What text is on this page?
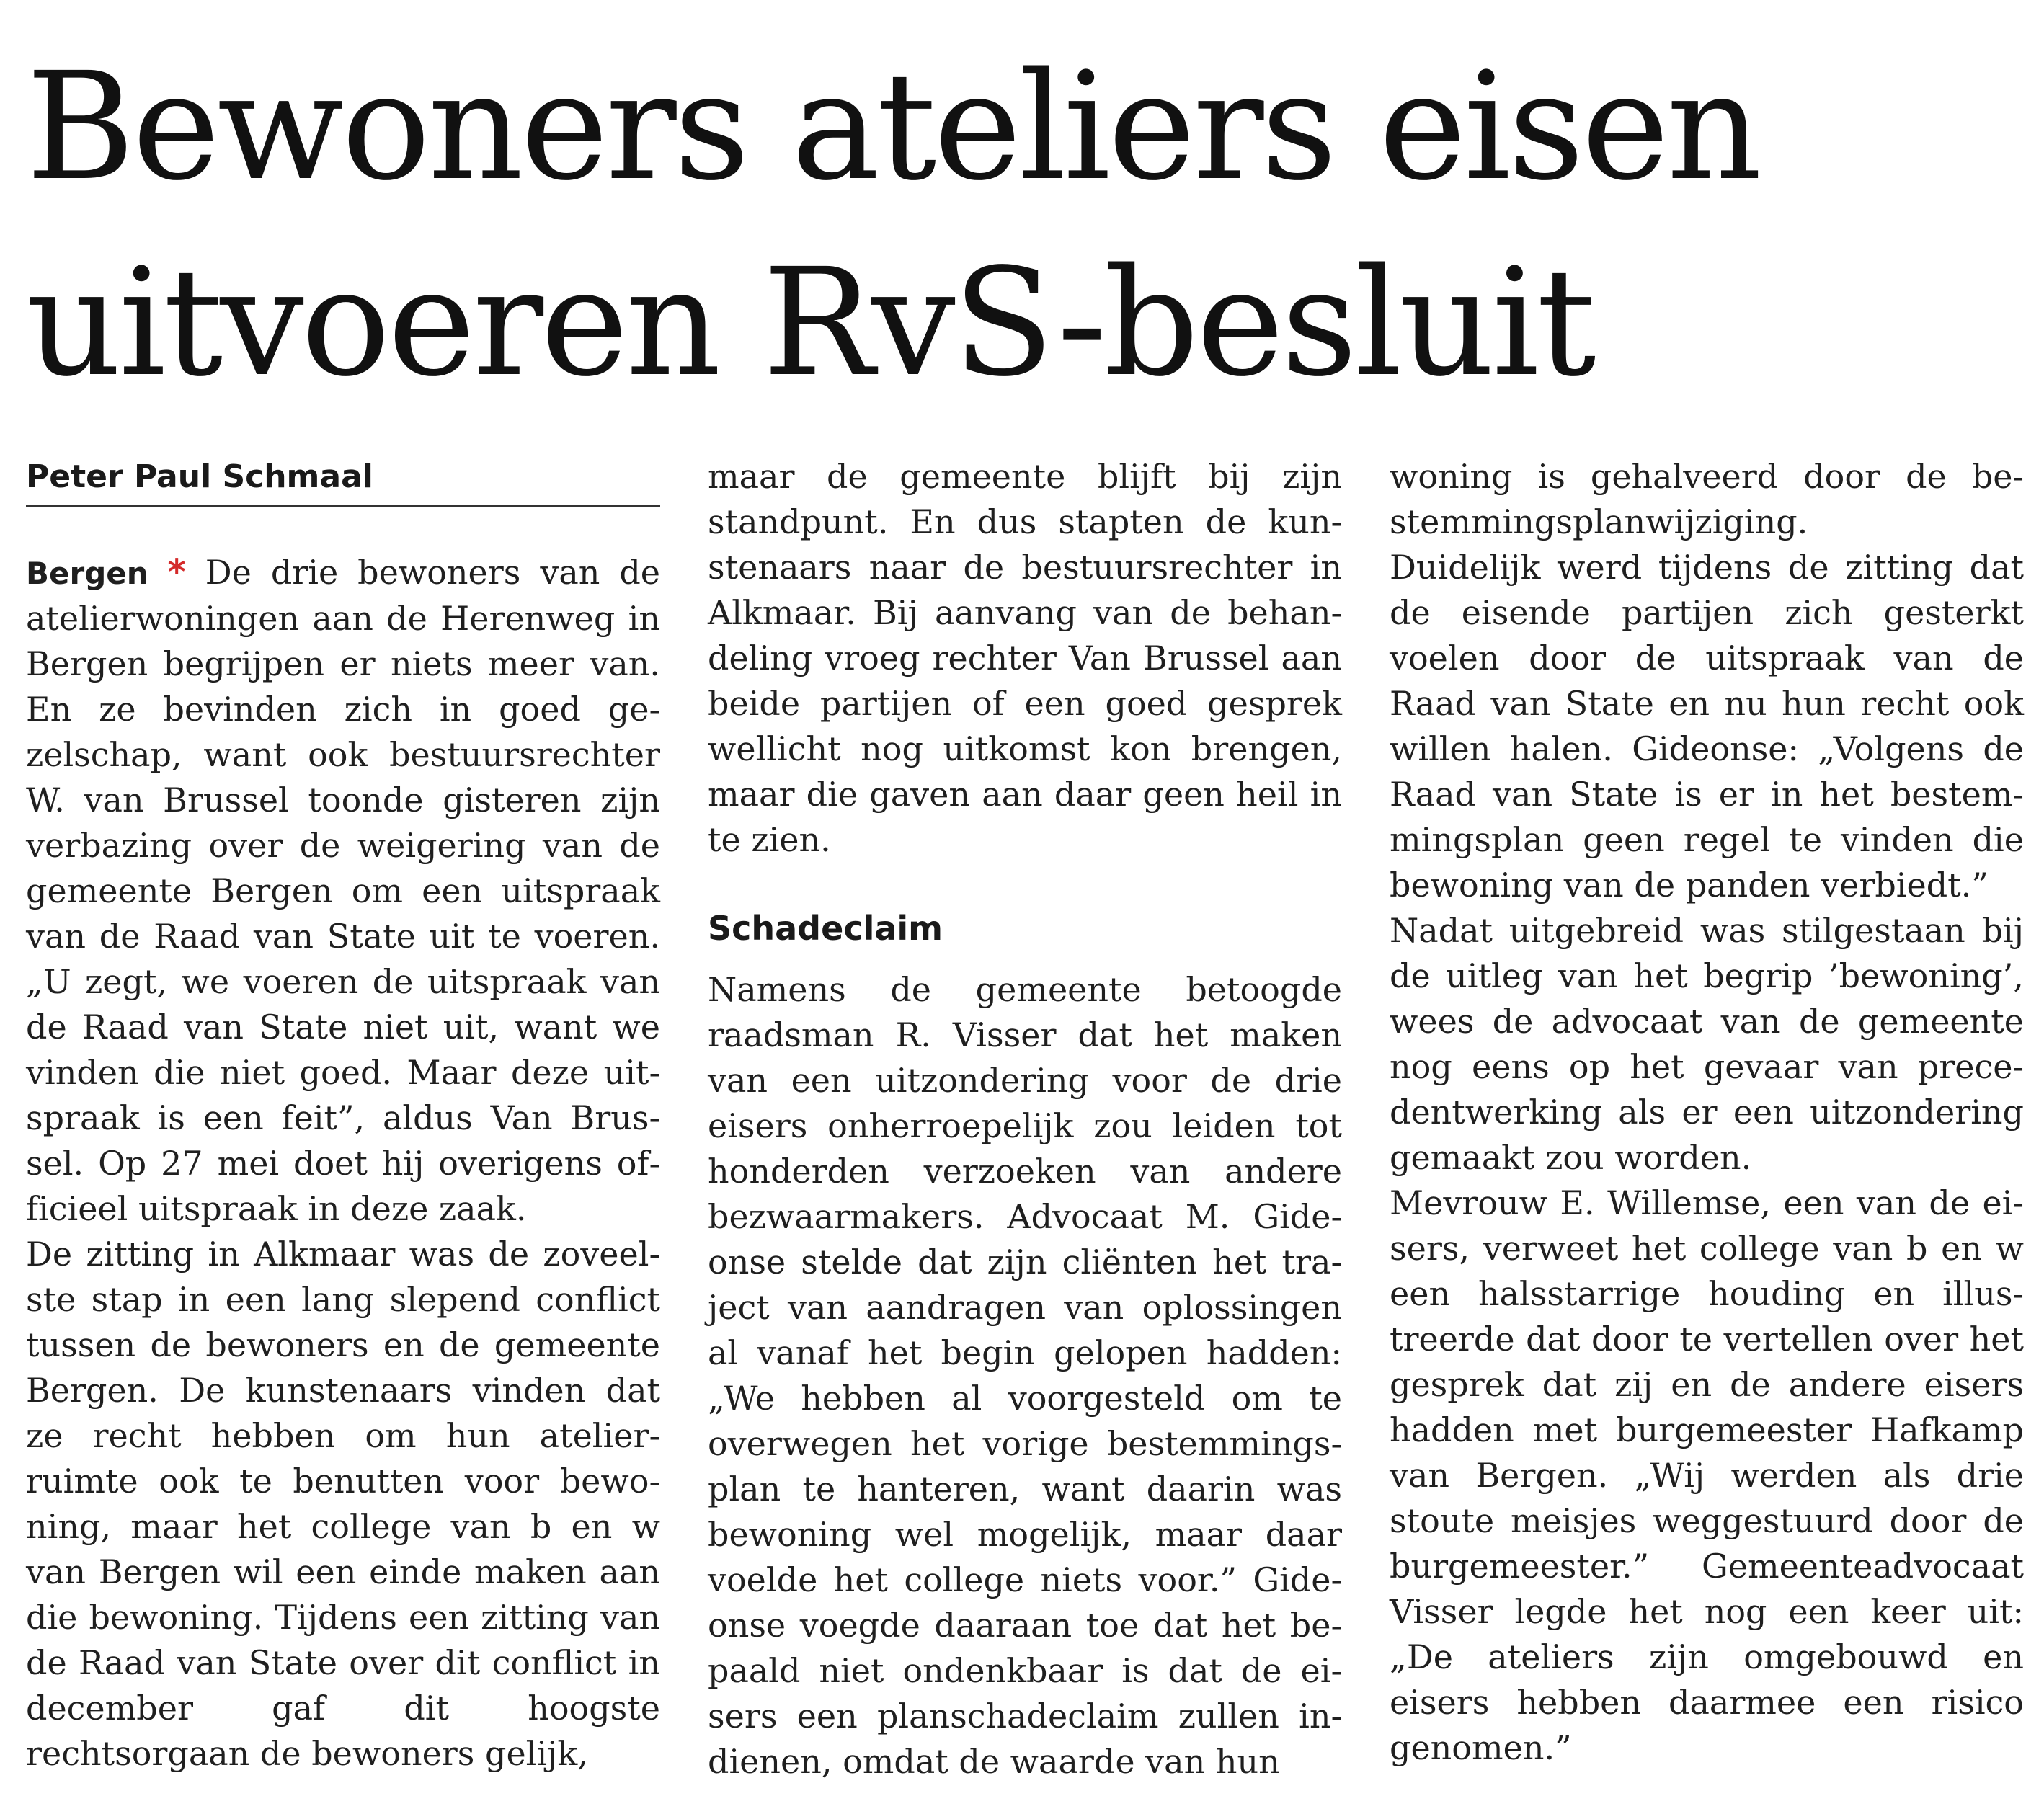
Bewoners ateliers eisen
uitvoeren RvS-besluit
Peter Paul Schmaal

Bergen * De drie bewoners van de atelierwoningen aan de Herenweg in Bergen begrijpen er niets meer van. En ze bevinden zich in goed gezelschap, want ook bestuursrechter W. van Brussel toonde gisteren zijn verbazing over de weigering van de gemeente Bergen om een uitspraak van de Raad van State uit te voeren. „U zegt, we voeren de uitspraak van de Raad van State niet uit, want we vinden die niet goed. Maar deze uitspraak is een feit”, aldus Van Brussel. Op 27 mei doet hij overigens officieel uitspraak in deze zaak.

De zitting in Alkmaar was de zoveelste stap in een lang slepend conflict tussen de bewoners en de gemeente Bergen. De kunstenaars vinden dat ze recht hebben om hun atelierruimte ook te benutten voor bewoning, maar het college van b en w van Bergen wil een einde maken aan die bewoning. Tijdens een zitting van de Raad van State over dit conflict in december gaf dit hoogste rechtsorgaan de bewoners gelijk,

maar de gemeente blijft bij zijn standpunt. En dus stapten de kunstenaars naar de bestuursrechter in Alkmaar. Bij aanvang van de behandeling vroeg rechter Van Brussel aan beide partijen of een goed gesprek wellicht nog uitkomst kon brengen, maar die gaven aan daar geen heil in te zien.

Schadeclaim

Namens de gemeente betoogde raadsman R. Visser dat het maken van een uitzondering voor de drie eisers onherroepelijk zou leiden tot honderden verzoeken van andere bezwaarmakers. Advocaat M. Gideonse stelde dat zijn cliënten het traject van aandragen van oplossingen al vanaf het begin gelopen hadden: „We hebben al voorgesteld om te overwegen het vorige bestemmingsplan te hanteren, want daarin was bewoning wel mogelijk, maar daar voelde het college niets voor.” Gideonse voegde daaraan toe dat het bepaald niet ondenkbaar is dat de eisers een planschadeclaim zullen indienen, omdat de waarde van hun

woning is gehalveerd door de bestemmingsplanwijziging.

Duidelijk werd tijdens de zitting dat de eisende partijen zich gesterkt voelen door de uitspraak van de Raad van State en nu hun recht ook willen halen. Gideonse: „Volgens de Raad van State is er in het bestemmingsplan geen regel te vinden die bewoning van de panden verbiedt.”

Nadat uitgebreid was stilgestaan bij de uitleg van het begrip ’bewoning’, wees de advocaat van de gemeente nog eens op het gevaar van precedentwerking als er een uitzondering gemaakt zou worden.

Mevrouw E. Willemse, een van de eisers, verweet het college van b en w een halsstarrige houding en illustreerde dat door te vertellen over het gesprek dat zij en de andere eisers hadden met burgemeester Hafkamp van Bergen. „Wij werden als drie stoute meisjes weggestuurd door de burgemeester.” Gemeenteadvocaat Visser legde het nog een keer uit: „De ateliers zijn omgebouwd en eisers hebben daarmee een risico genomen.”
